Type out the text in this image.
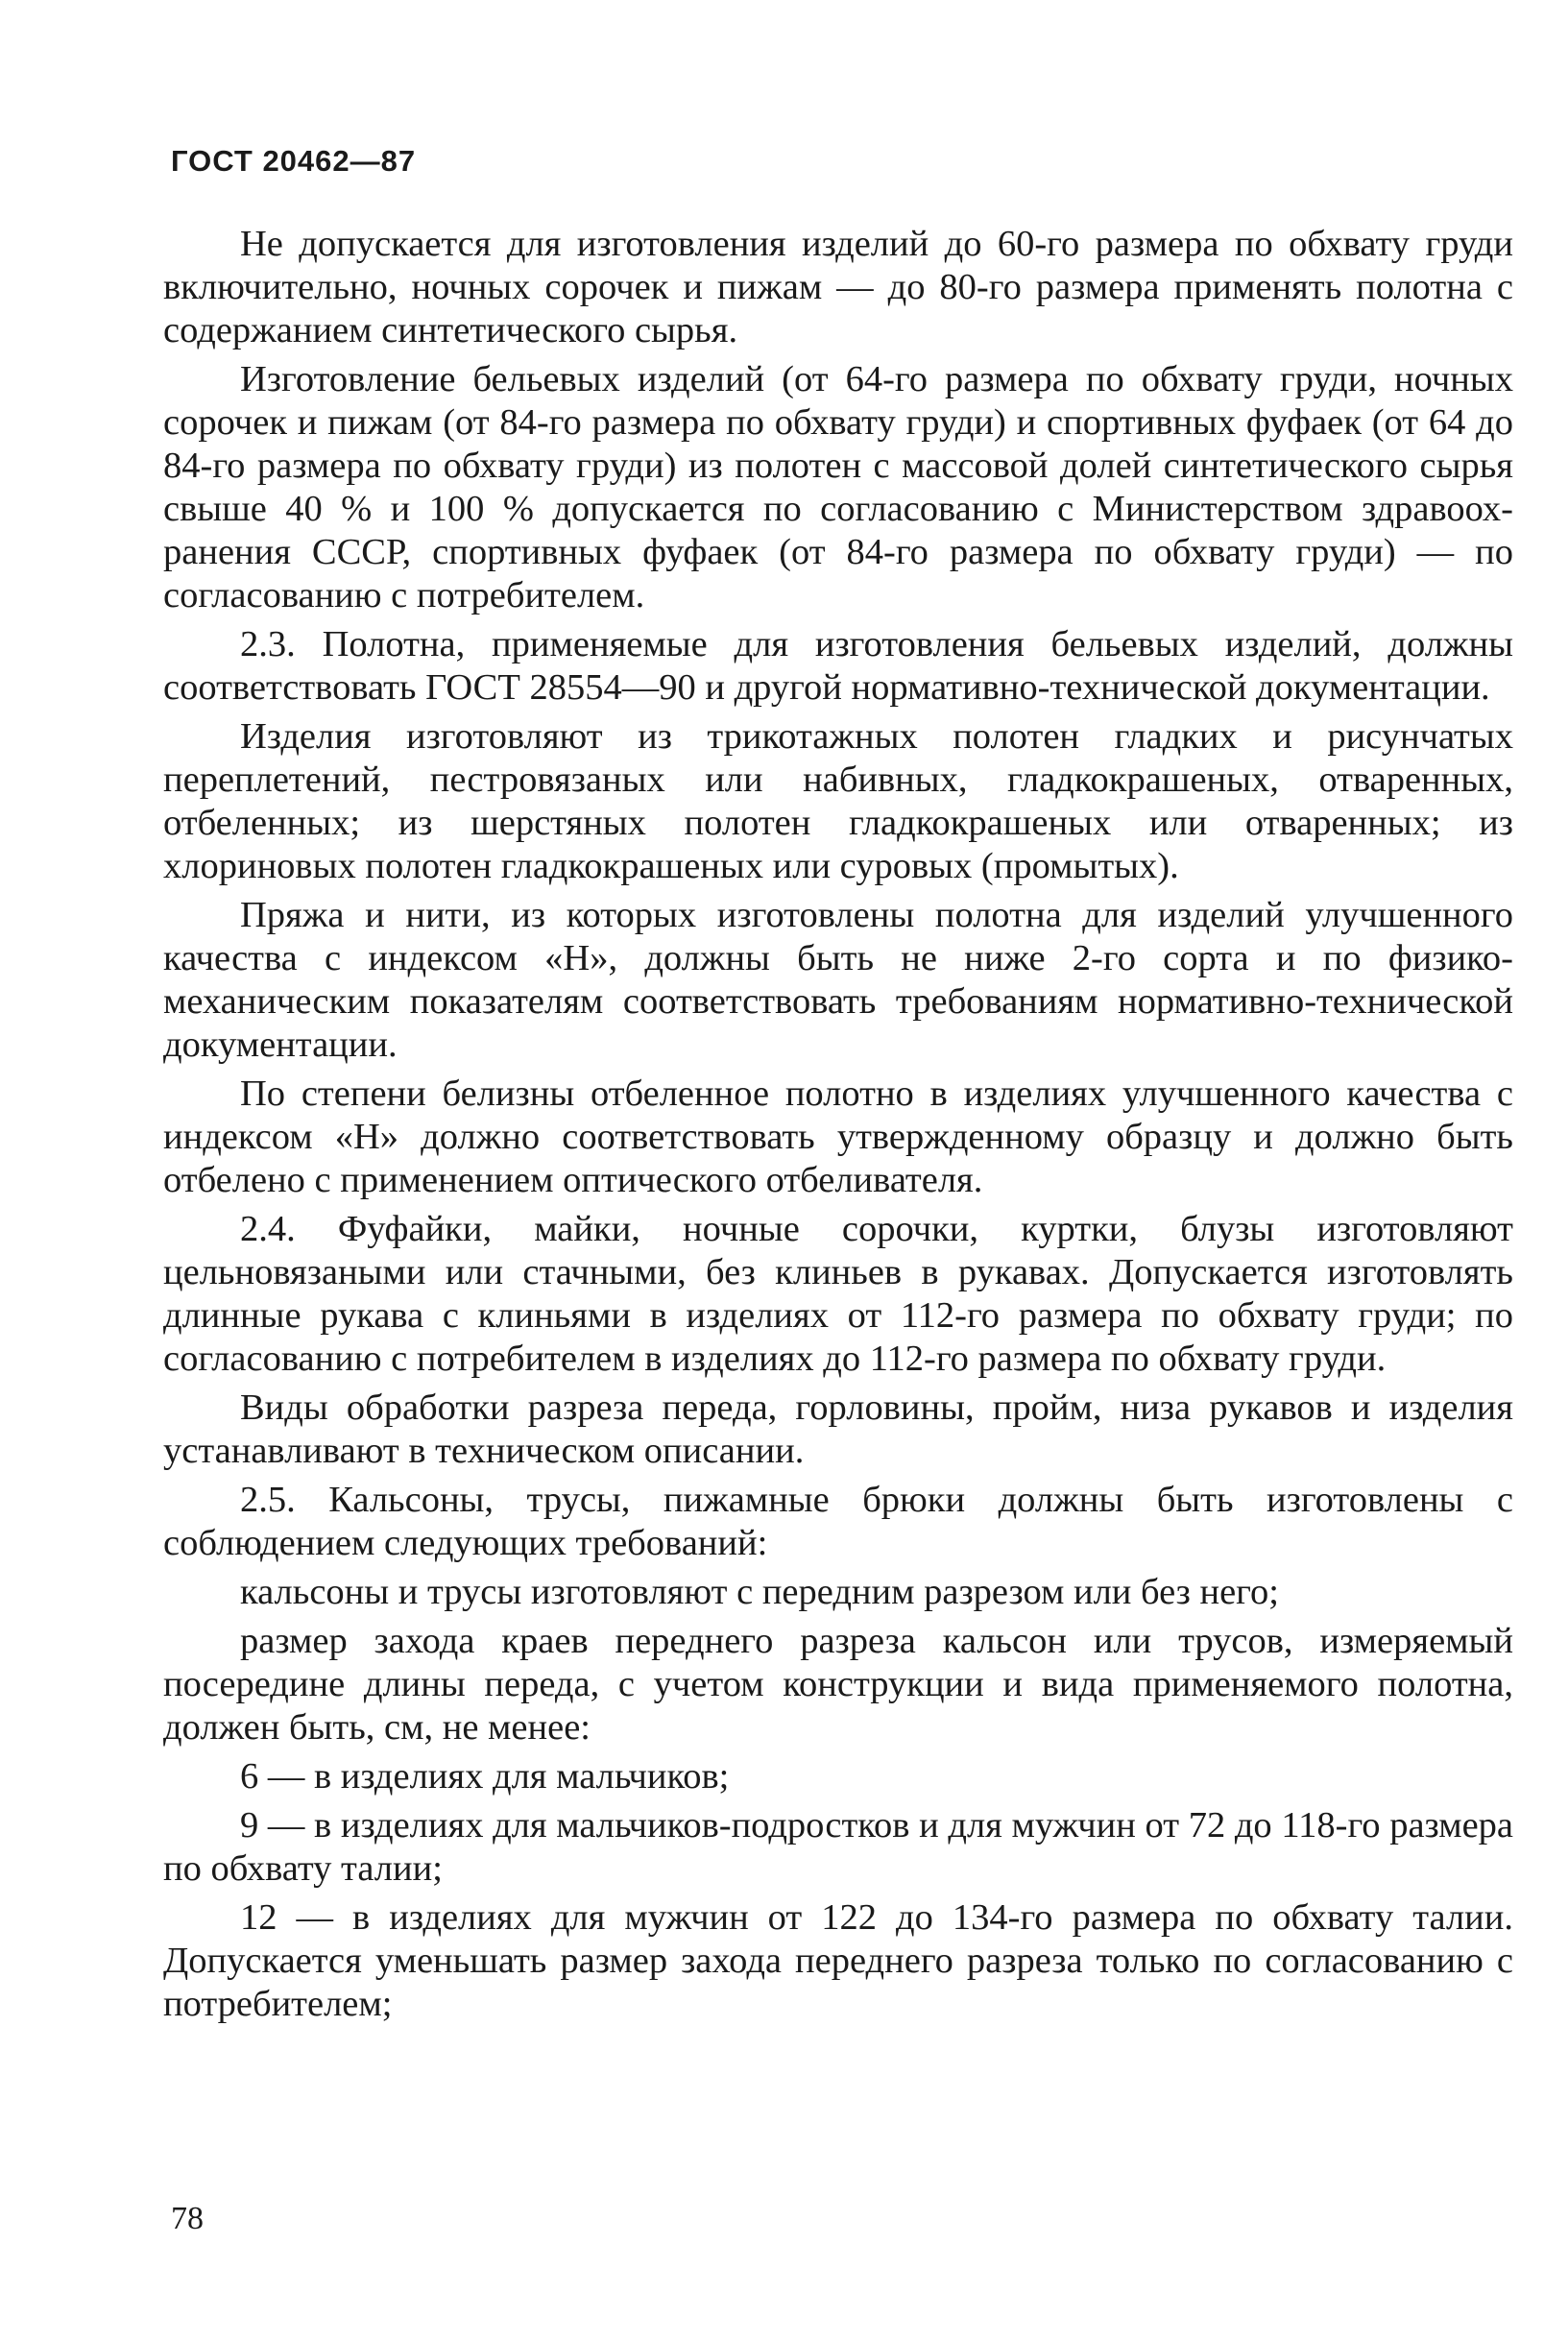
ГОСТ 20462—87

Не допускается для изготовления изделий до 60-го размера по обхвату груди включительно, ночных сорочек и пижам — до 80-го размера применять полотна с содержанием синтетического сырья.

Изготовление бельевых изделий (от 64-го размера по обхвату груди, ночных сорочек и пижам (от 84-го размера по обхвату груди) и спортивных фуфаек (от 64 до 84-го размера по обхвату груди) из полотен с массовой долей синтетического сырья свыше 40 % и 100 % допускается по согласованию с Министерством здравоохранения СССР, спортивных фуфаек (от 84-го размера по обхвату груди) — по согласованию с потребителем.

2.3. Полотна, применяемые для изготовления бельевых изделий, должны соответствовать ГОСТ 28554—90 и другой нормативно-технической документации.

Изделия изготовляют из трикотажных полотен гладких и рисунчатых переплетений, пестровязаных или набивных, гладкокрашеных, отваренных, отбеленных; из шерстяных полотен гладкокрашеных или отваренных; из хлориновых полотен гладкокрашеных или суровых (промытых).

Пряжа и нити, из которых изготовлены полотна для изделий улучшенного качества с индексом «Н», должны быть не ниже 2-го сорта и по физико-механическим показателям соответствовать требованиям нормативно-технической документации.

По степени белизны отбеленное полотно в изделиях улучшенного качества с индексом «Н» должно соответствовать утвержденному образцу и должно быть отбелено с применением оптического отбеливателя.

2.4. Фуфайки, майки, ночные сорочки, куртки, блузы изготовляют цельновязаными или стачными, без клиньев в рукавах. Допускается изготовлять длинные рукава с клиньями в изделиях от 112-го размера по обхвату груди; по согласованию с потребителем в изделиях до 112-го размера по обхвату груди.

Виды обработки разреза переда, горловины, пройм, низа рукавов и изделия устанавливают в техническом описании.

2.5. Кальсоны, трусы, пижамные брюки должны быть изготовлены с соблюдением следующих требований:

кальсоны и трусы изготовляют с передним разрезом или без него;

размер захода краев переднего разреза кальсон или трусов, измеряемый посередине длины переда, с учетом конструкции и вида применяемого полотна, должен быть, см, не менее:

6 — в изделиях для мальчиков;

9 — в изделиях для мальчиков-подростков и для мужчин от 72 до 118-го размера по обхвату талии;

12 — в изделиях для мужчин от 122 до 134-го размера по обхвату талии. Допускается уменьшать размер захода переднего разреза только по согласованию с потребителем;

78
